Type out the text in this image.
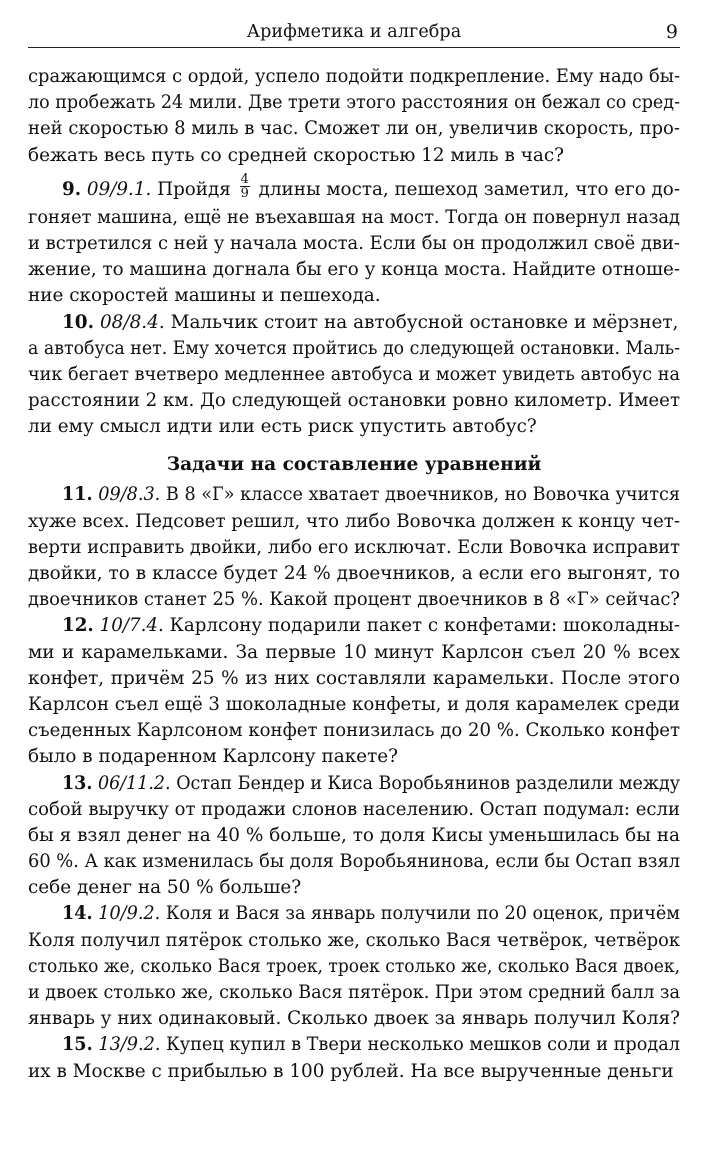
Арифметика и алгебра	9
сражающимся с ордой, успело подойти подкрепление. Ему надо бы-
ло пробежать 24 мили. Две трети этого расстояния он бежал со сред-
ней скоростью 8 миль в час. Сможет ли он, увеличив скорость, про-
бежать весь путь со средней скоростью 12 миль в час?
9. 09/9.1. Пройдя $\frac{4}{9}$ длины моста, пешеход заметил, что его до-
гоняет машина, ещё не въехавшая на мост. Тогда он повернул назад
и встретился с ней у начала моста. Если бы он продолжил своё дви-
жение, то машина догнала бы его у конца моста. Найдите отноше-
ние скоростей машины и пешехода.
10. 08/8.4. Мальчик стоит на автобусной остановке и мёрзнет,
а автобуса нет. Ему хочется пройтись до следующей остановки. Маль-
чик бегает вчетверо медленнее автобуса и может увидеть автобус на
расстоянии 2 км. До следующей остановки ровно километр. Имеет
ли ему смысл идти или есть риск упустить автобус?
Задачи на составление уравнений
11. 09/8.3. В 8 «Г» классе хватает двоечников, но Вовочка учится
хуже всех. Педсовет решил, что либо Вовочка должен к концу чет-
верти исправить двойки, либо его исключат. Если Вовочка исправит
двойки, то в классе будет 24 % двоечников, а если его выгонят, то
двоечников станет 25 %. Какой процент двоечников в 8 «Г» сейчас?
12. 10/7.4. Карлсону подарили пакет с конфетами: шоколадны-
ми и карамельками. За первые 10 минут Карлсон съел 20 % всех
конфет, причём 25 % из них составляли карамельки. После этого
Карлсон съел ещё 3 шоколадные конфеты, и доля карамелек среди
съеденных Карлсоном конфет понизилась до 20 %. Сколько конфет
было в подаренном Карлсону пакете?
13. 06/11.2. Остап Бендер и Киса Воробьянинов разделили между
собой выручку от продажи слонов населению. Остап подумал: если
бы я взял денег на 40 % больше, то доля Кисы уменьшилась бы на
60 %. А как изменилась бы доля Воробьянинова, если бы Остап взял
себе денег на 50 % больше?
14. 10/9.2. Коля и Вася за январь получили по 20 оценок, причём
Коля получил пятёрок столько же, сколько Вася четвёрок, четвёрок
столько же, сколько Вася троек, троек столько же, сколько Вася двоек,
и двоек столько же, сколько Вася пятёрок. При этом средний балл за
январь у них одинаковый. Сколько двоек за январь получил Коля?
15. 13/9.2. Купец купил в Твери несколько мешков соли и продал
их в Москве с прибылью в 100 рублей. На все вырученные деньги
